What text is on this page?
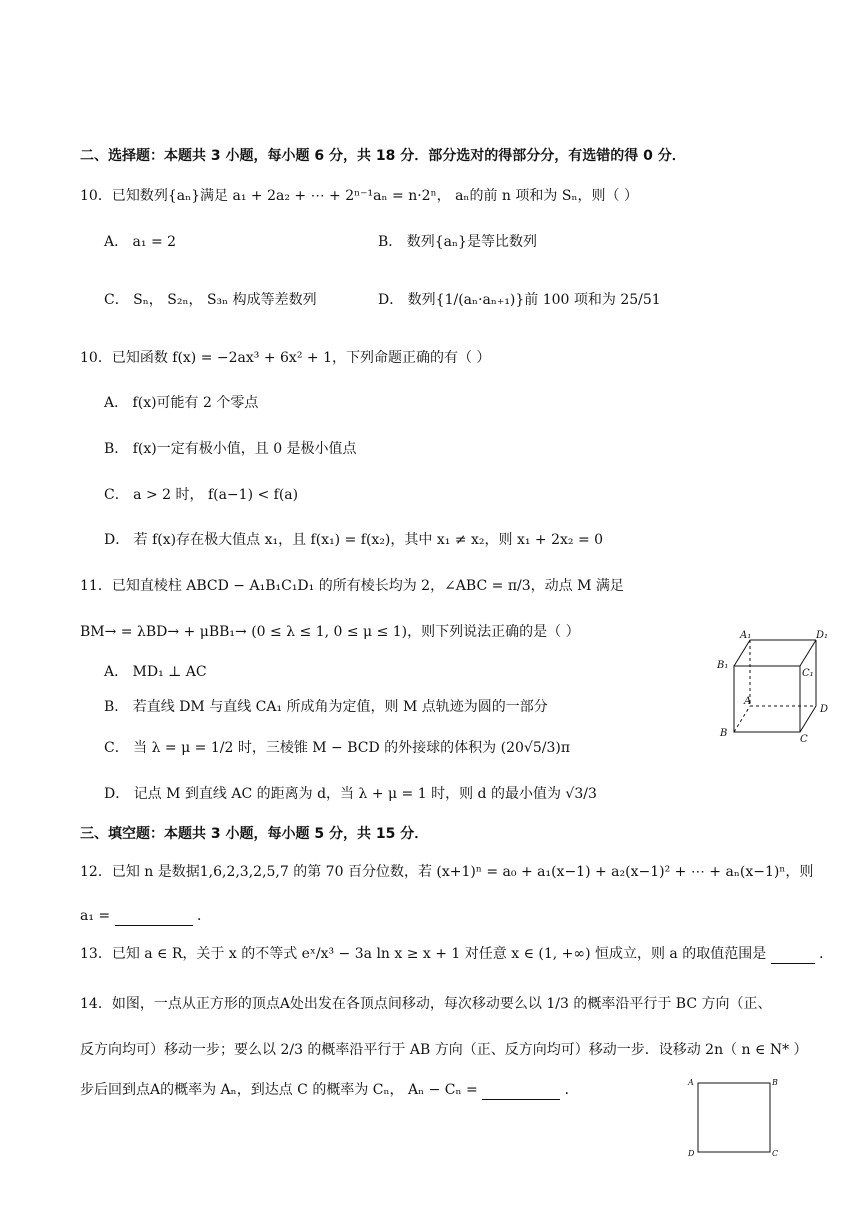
二、选择题：本题共 3 小题，每小题 6 分，共 18 分．部分选对的得部分分，有选错的得 0 分．
10．已知数列{aₙ}满足 a₁ + 2a₂ + ⋯ + 2ⁿ⁻¹aₙ = n·2ⁿ， aₙ的前 n 项和为 Sₙ，则（ ）
A． a₁ = 2	B． 数列{aₙ}是等比数列
C． Sₙ， S₂ₙ， S₃ₙ 构成等差数列	D． 数列{1/(aₙ·aₙ₊₁)}前 100 项和为 25/51
10．已知函数 f(x) = −2ax³ + 6x² + 1，下列命题正确的有（ ）
A． f(x)可能有 2 个零点
B． f(x)一定有极小值，且 0 是极小值点
C． a > 2 时， f(a−1) < f(a)
D． 若 f(x)存在极大值点 x₁，且 f(x₁) = f(x₂)，其中 x₁ ≠ x₂，则 x₁ + 2x₂ = 0
11．已知直棱柱 ABCD − A₁B₁C₁D₁ 的所有棱长均为 2，∠ABC = π/3，动点 M 满足
BM→ = λBD→ + μBB₁→ (0 ≤ λ ≤ 1, 0 ≤ μ ≤ 1)，则下列说法正确的是（ ）
A． MD₁ ⊥ AC
B． 若直线 DM 与直线 CA₁ 所成角为定值，则 M 点轨迹为圆的一部分
C． 当 λ = μ = 1/2 时，三棱锥 M − BCD 的外接球的体积为 (20√5/3)π
D． 记点 M 到直线 AC 的距离为 d，当 λ + μ = 1 时，则 d 的最小值为 √3/3
A₁	D₁
B₁
C₁
A
D
B
C
三、填空题：本题共 3 小题，每小题 5 分，共 15 分．
12．已知 n 是数据1,6,2,3,2,5,7 的第 70 百分位数，若 (x+1)ⁿ = a₀ + a₁(x−1) + a₂(x−1)² + ⋯ + aₙ(x−1)ⁿ，则
a₁ =	．
13．已知 a ∈ R，关于 x 的不等式 eˣ/x³ − 3a ln x ≥ x + 1 对任意 x ∈ (1, +∞) 恒成立，则 a 的取值范围是	．
14．如图，一点从正方形的顶点A处出发在各顶点间移动，每次移动要么以 1/3 的概率沿平行于 BC 方向（正、
反方向均可）移动一步；要么以 2/3 的概率沿平行于 AB 方向（正、反方向均可）移动一步．设移动 2n（ n ∈ N* ）
步后回到点A的概率为 Aₙ，到达点 C 的概率为 Cₙ， Aₙ − Cₙ =	．	A	B
C
D
